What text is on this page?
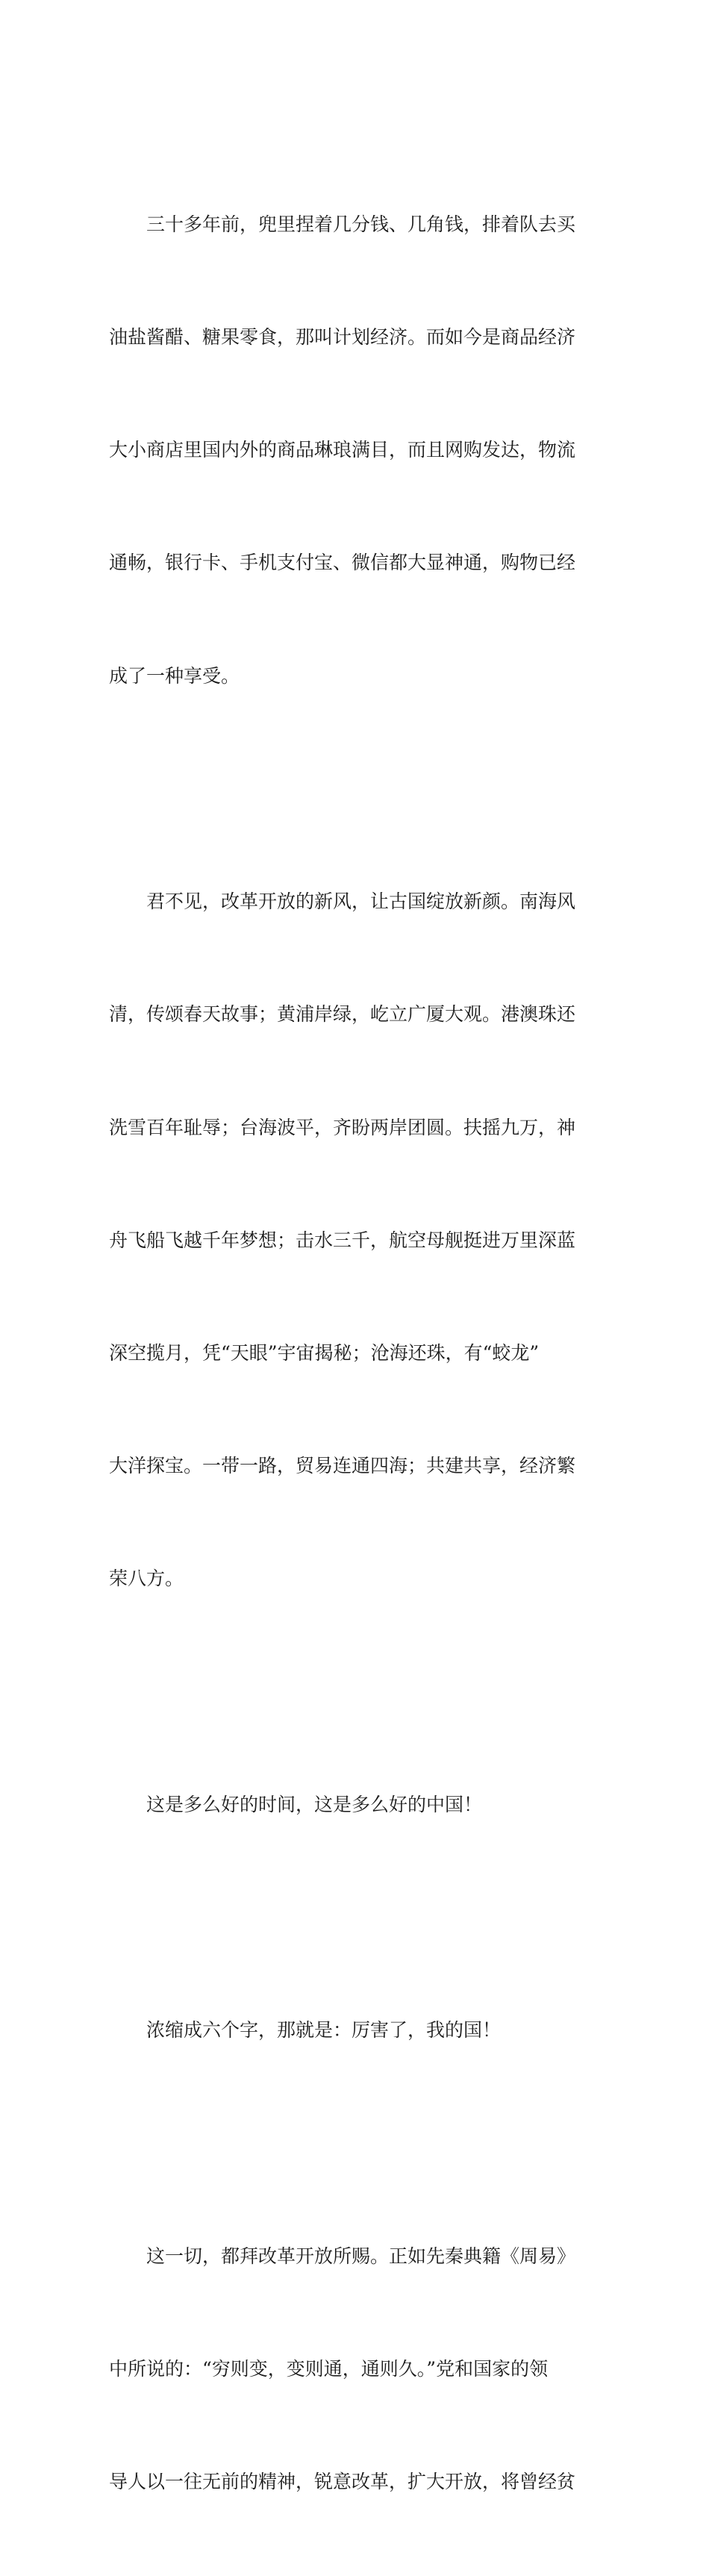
三十多年前，兜里捏着几分钱、几角钱，排着队去买

油盐酱醋、糖果零食，那叫计划经济。而如今是商品经济

大小商店里国内外的商品琳琅满目，而且网购发达，物流

通畅，银行卡、手机支付宝、微信都大显神通，购物已经

成了一种享受。

君不见，改革开放的新风，让古国绽放新颜。南海风

清，传颂春天故事；黄浦岸绿，屹立广厦大观。港澳珠还

洗雪百年耻辱；台海波平，齐盼两岸团圆。扶摇九万，神

舟飞船飞越千年梦想；击水三千，航空母舰挺进万里深蓝

深空揽月，凭“天眼”宇宙揭秘；沧海还珠，有“蛟龙”

大洋探宝。一带一路，贸易连通四海；共建共享，经济繁

荣八方。

这是多么好的时间，这是多么好的中国！

浓缩成六个字，那就是：厉害了，我的国！

这一切，都拜改革开放所赐。正如先秦典籍《周易》

中所说的：“穷则变，变则通，通则久。”党和国家的领

导人以一往无前的精神，锐意改革，扩大开放，将曾经贫
